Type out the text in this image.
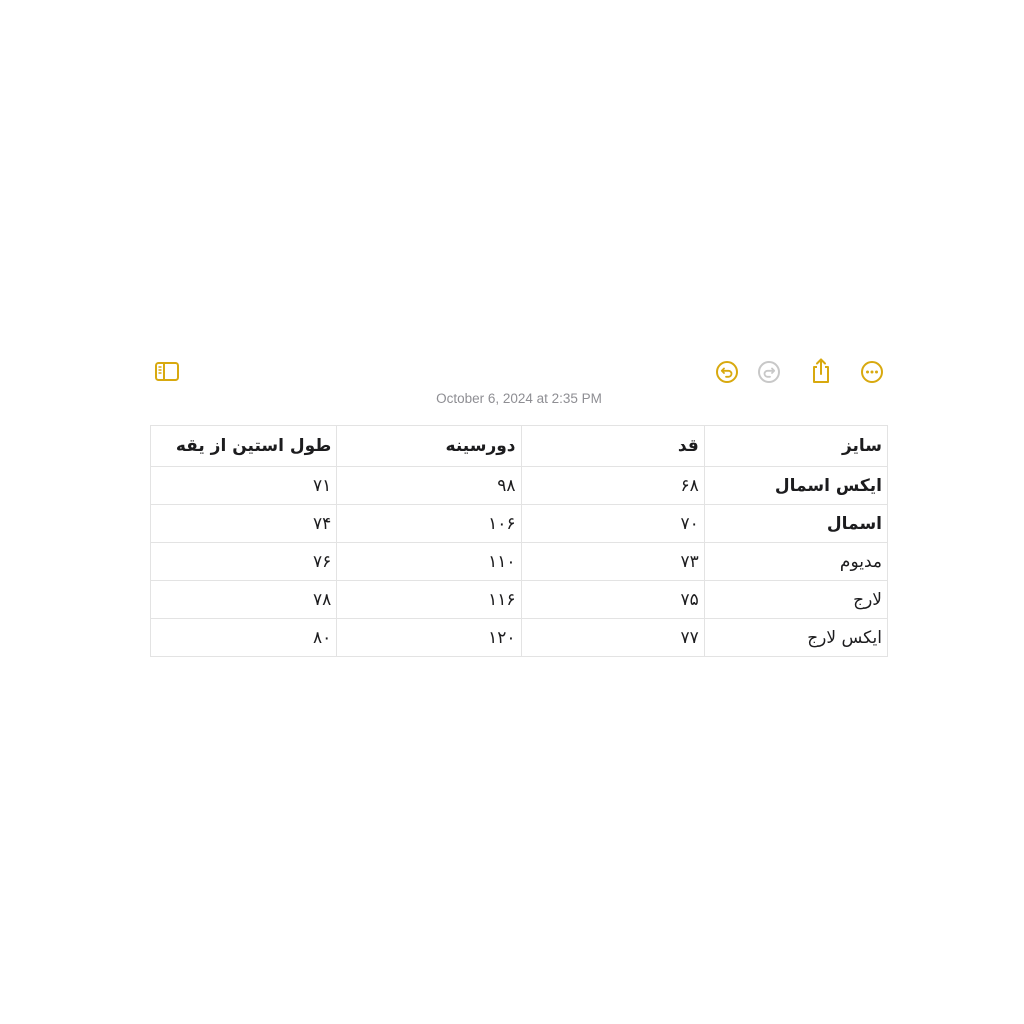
October 6, 2024 at 2:35 PM
سایز	قد	دورسینه	طول استین از یقه
ایکس اسمال	۶۸	۹۸	۷۱
اسمال	۷۰	۱۰۶	۷۴
مدیوم	۷۳	۱۱۰	۷۶
لارج	۷۵	۱۱۶	۷۸
ایکس لارج	۷۷	۱۲۰	۸۰
